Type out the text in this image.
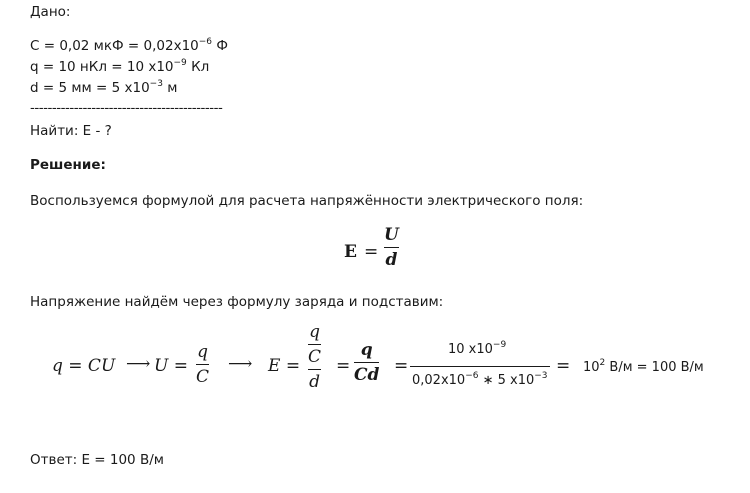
Дано:
C = 0,02 мкФ = $0,02x10^{-6}$ Ф
q = 10 нКл = 10 $x10^{-9}$ Кл
d = 5 мм = 5 $x10^{-3}$ м
--------------------------------------------
Найти: E - ?
Решение:
Воспользуемся формулой для расчета напряжённости электрического поля:
E =
U
d
Напряжение найдём через формулу заряда и подставим:
q = CU ⟶ U =
q
C
⟶ $E = \frac{q}{C}$
d
=
q
Cd =
10 $x10^{-9}$
$0,02x10^{-6}$ ∗ 5 $x10^{-3} = 10^2$ В/м = 100 В/м
Ответ: E = 100 В/м
